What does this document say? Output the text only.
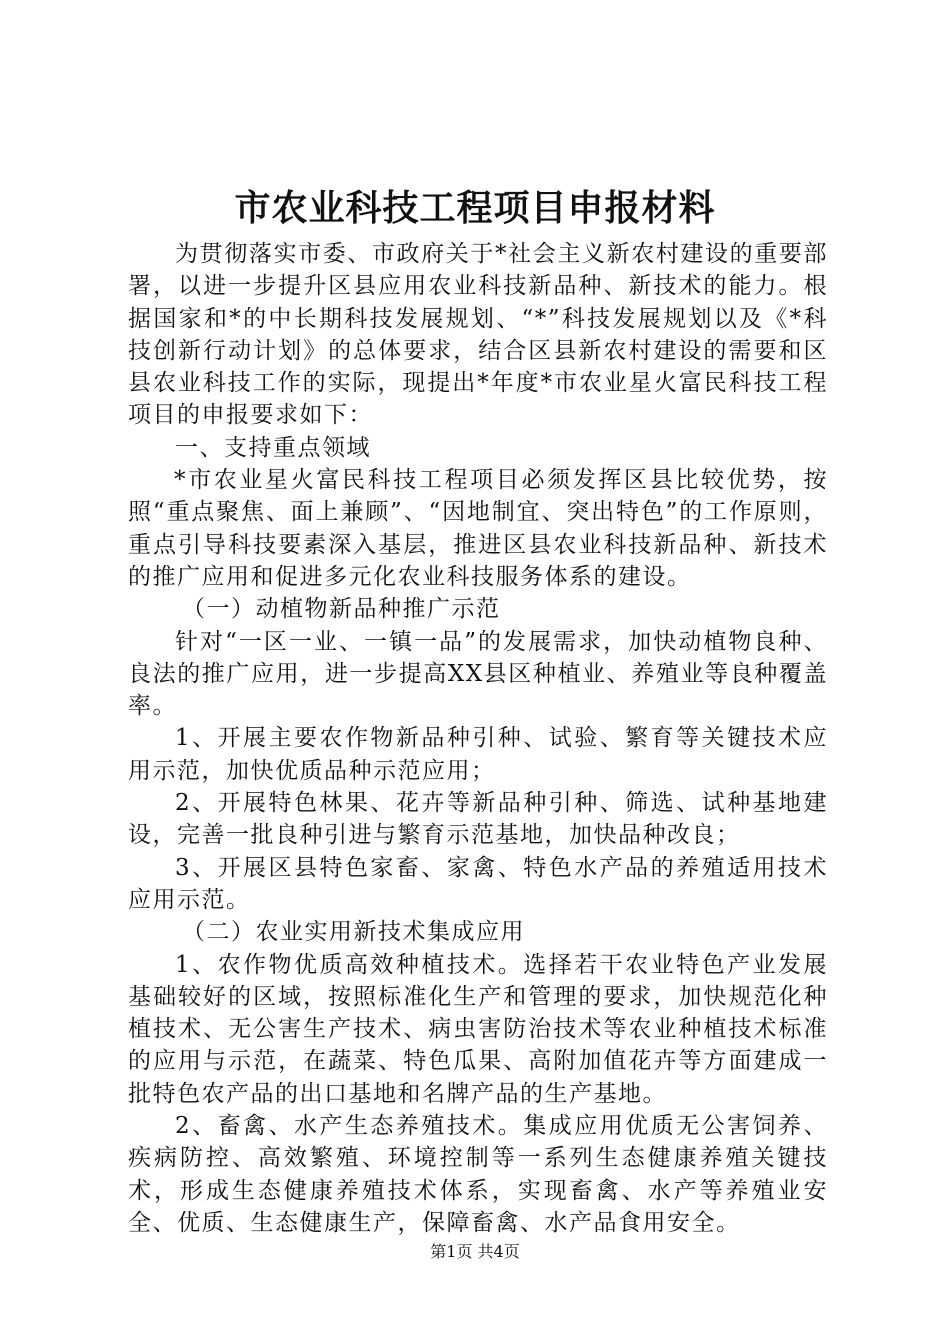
市农业科技工程项目申报材料

为贯彻落实市委、市政府关于*社会主义新农村建设的重要部署，以进一步提升区县应用农业科技新品种、新技术的能力。根据国家和*的中长期科技发展规划、“*”科技发展规划以及《*科技创新行动计划》的总体要求，结合区县新农村建设的需要和区县农业科技工作的实际，现提出*年度*市农业星火富民科技工程项目的申报要求如下：

一、支持重点领域

*市农业星火富民科技工程项目必须发挥区县比较优势，按照“重点聚焦、面上兼顾”、“因地制宜、突出特色”的工作原则，重点引导科技要素深入基层，推进区县农业科技新品种、新技术的推广应用和促进多元化农业科技服务体系的建设。

（一）动植物新品种推广示范

针对“一区一业、一镇一品”的发展需求，加快动植物良种、良法的推广应用，进一步提高XX县区种植业、养殖业等良种覆盖率。

1、开展主要农作物新品种引种、试验、繁育等关键技术应用示范，加快优质品种示范应用；

2、开展特色林果、花卉等新品种引种、筛选、试种基地建设，完善一批良种引进与繁育示范基地，加快品种改良；

3、开展区县特色家畜、家禽、特色水产品的养殖适用技术应用示范。

（二）农业实用新技术集成应用

1、农作物优质高效种植技术。选择若干农业特色产业发展基础较好的区域，按照标准化生产和管理的要求，加快规范化种植技术、无公害生产技术、病虫害防治技术等农业种植技术标准的应用与示范，在蔬菜、特色瓜果、高附加值花卉等方面建成一批特色农产品的出口基地和名牌产品的生产基地。

2、畜禽、水产生态养殖技术。集成应用优质无公害饲养、疾病防控、高效繁殖、环境控制等一系列生态健康养殖关键技术，形成生态健康养殖技术体系，实现畜禽、水产等养殖业安全、优质、生态健康生产，保障畜禽、水产品食用安全。

第1页 共4页
